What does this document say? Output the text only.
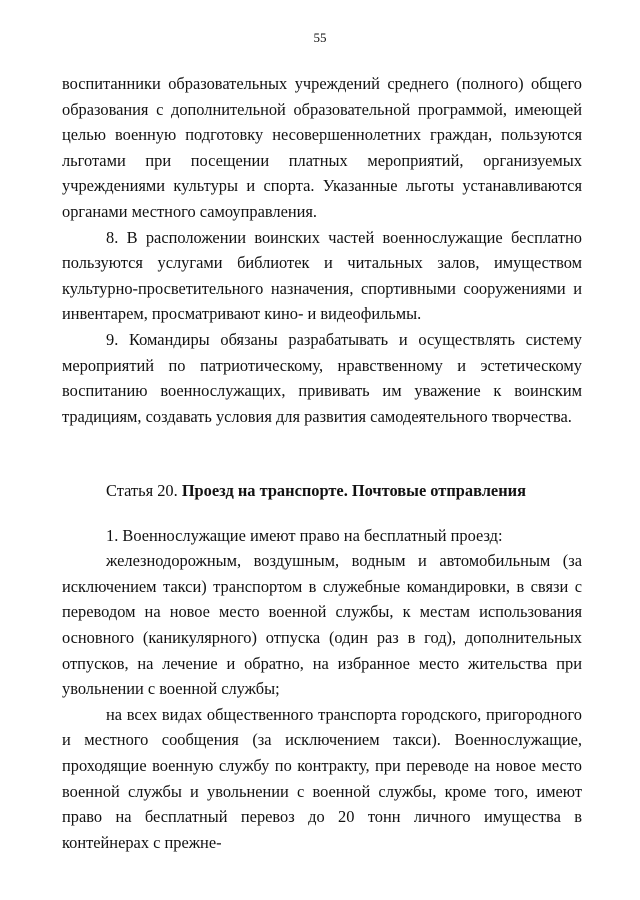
55

воспитанники образовательных учреждений среднего (полного) общего образования с дополнительной образовательной программой, имеющей целью военную подготовку несовершеннолетних граждан, пользуются льготами при посещении платных мероприятий, организуемых учреждениями культуры и спорта. Указанные льготы устанавливаются органами местного самоуправления.

8. В расположении воинских частей военнослужащие бесплатно пользуются услугами библиотек и читальных залов, имуществом культурно-просветительного назначения, спортивными сооружениями и инвентарем, просматривают кино- и видеофильмы.

9. Командиры обязаны разрабатывать и осуществлять систему мероприятий по патриотическому, нравственному и эстетическому воспитанию военнослужащих, прививать им уважение к воинским традициям, создавать условия для развития самодеятельного творчества.

Статья 20. Проезд на транспорте. Почтовые отправления

1. Военнослужащие имеют право на бесплатный проезд:

железнодорожным, воздушным, водным и автомобильным (за исключением такси) транспортом в служебные командировки, в связи с переводом на новое место военной службы, к местам использования основного (каникулярного) отпуска (один раз в год), дополнительных отпусков, на лечение и обратно, на избранное место жительства при увольнении с военной службы;

на всех видах общественного транспорта городского, пригородного и местного сообщения (за исключением такси). Военнослужащие, проходящие военную службу по контракту, при переводе на новое место военной службы и увольнении с военной службы, кроме того, имеют право на бесплатный перевоз до 20 тонн личного имущества в контейнерах с прежне-
